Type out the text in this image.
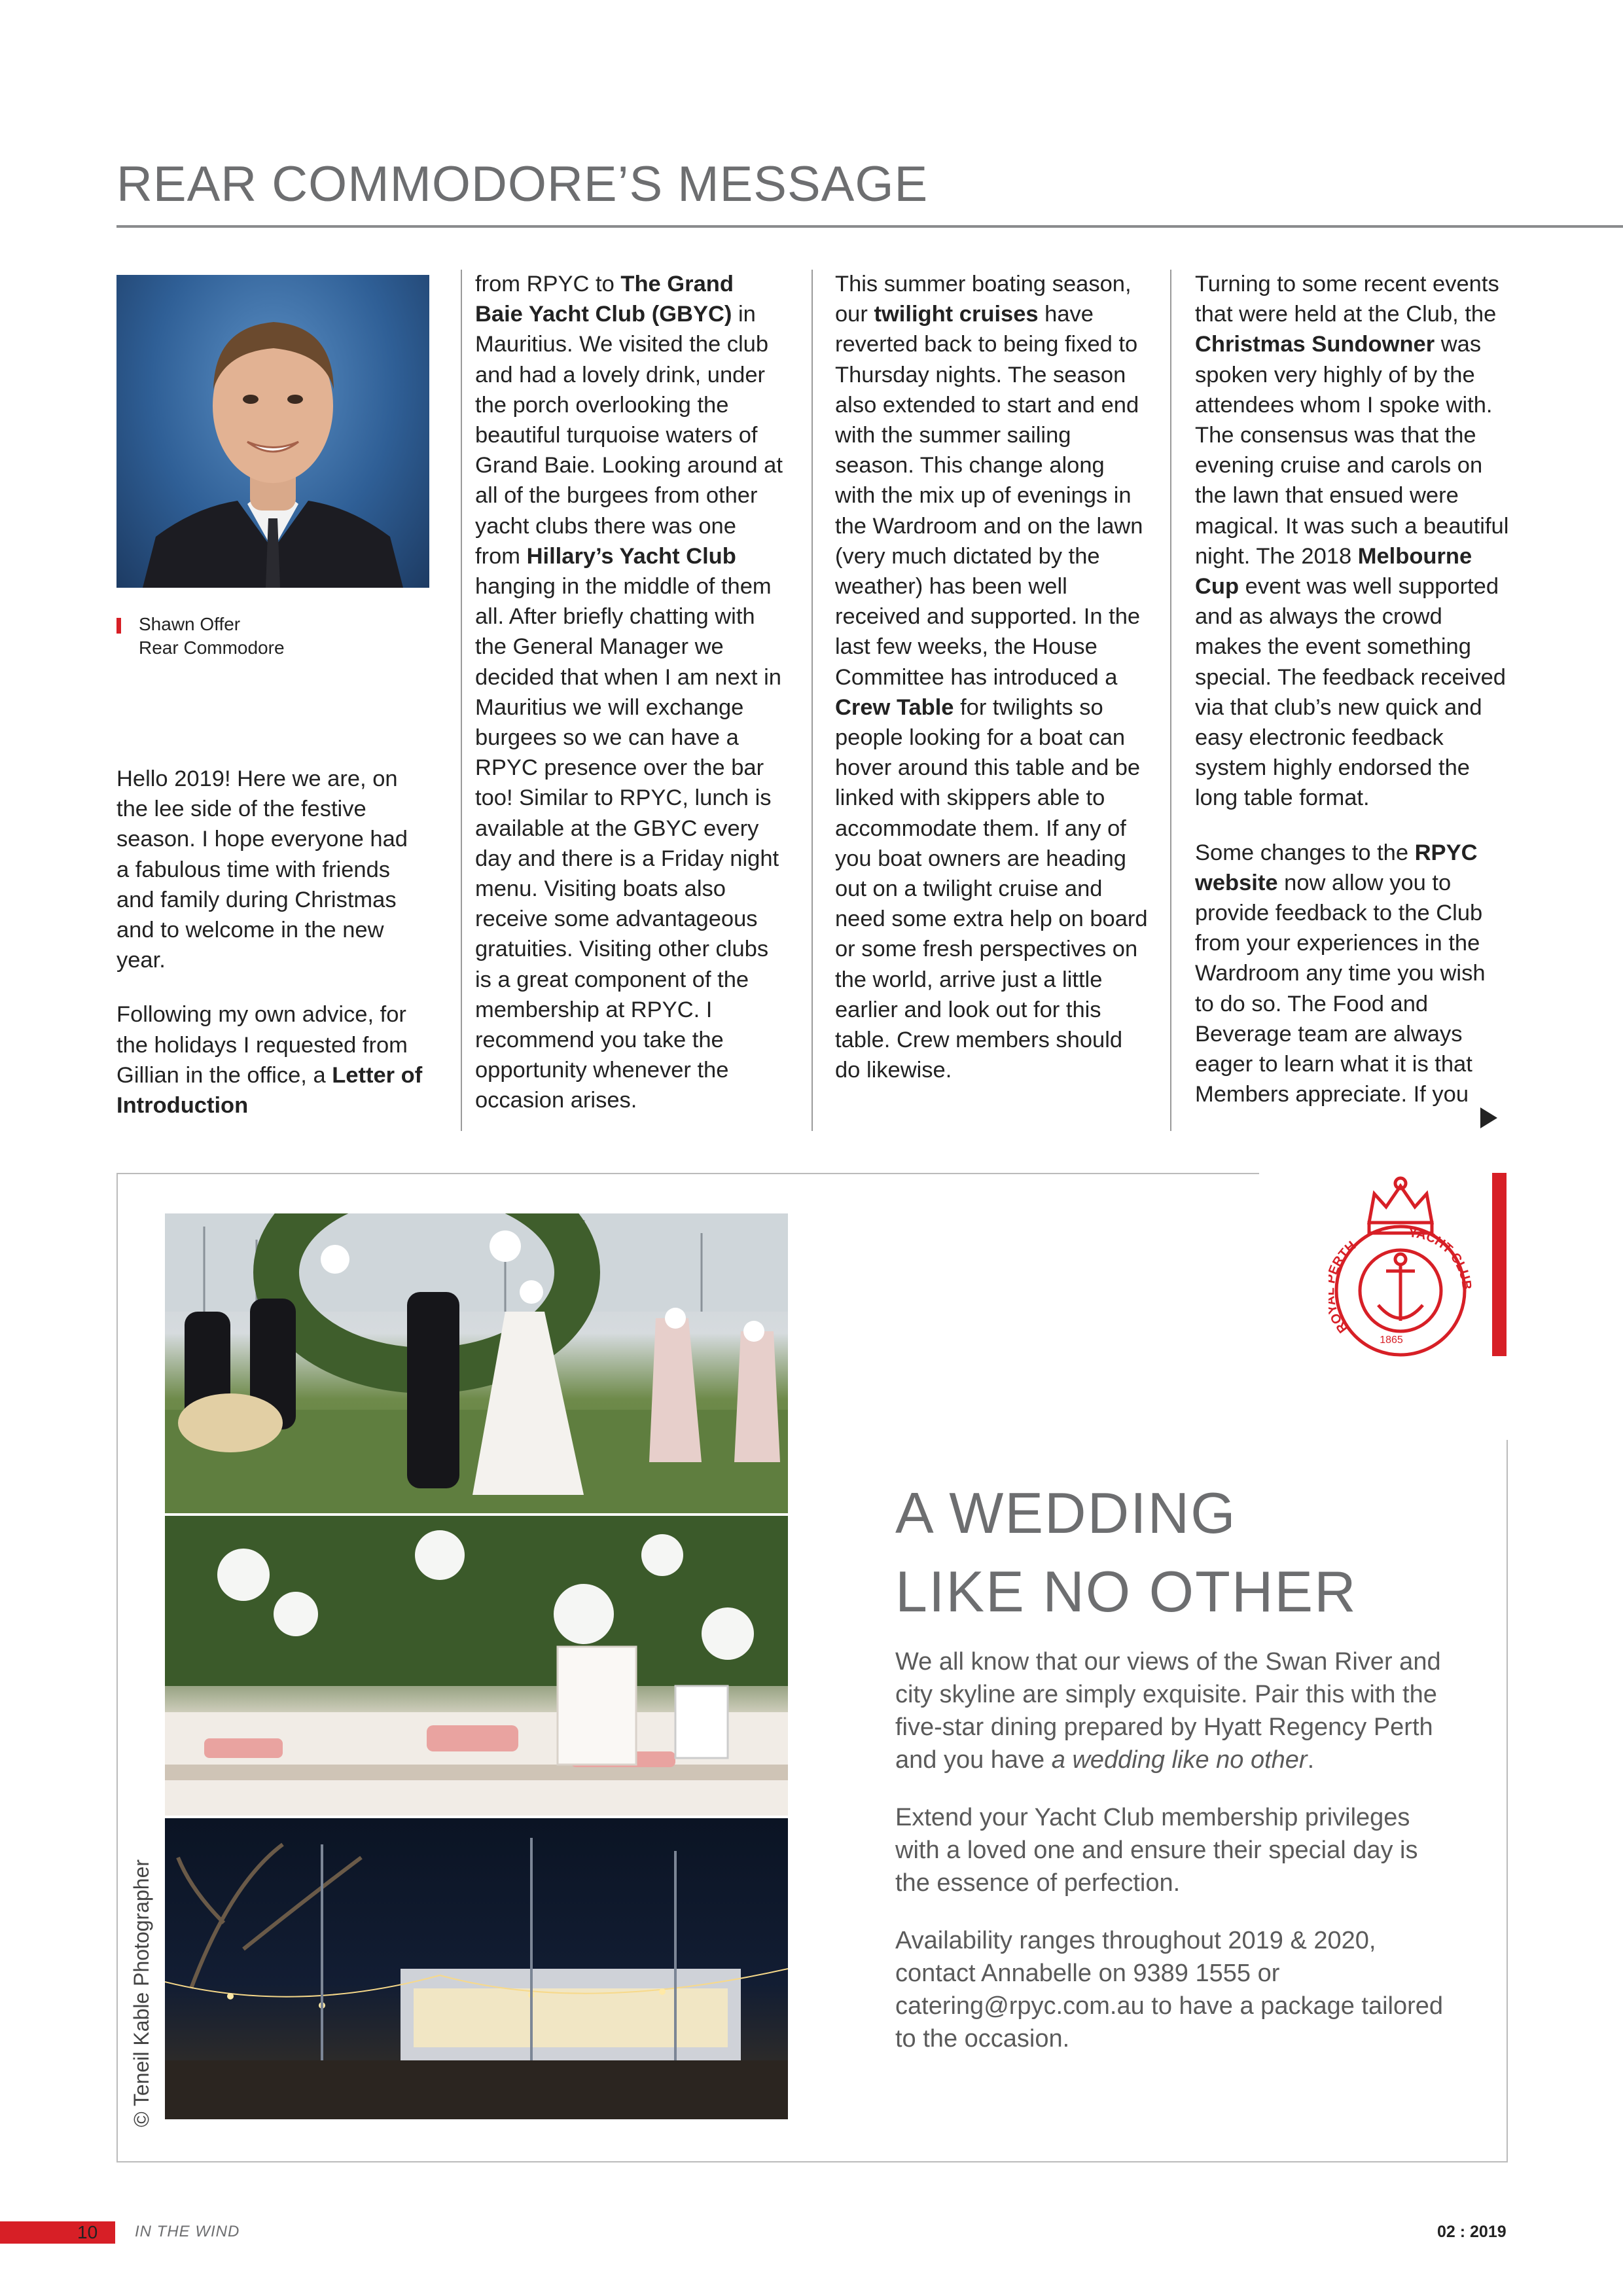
REAR COMMODORE’S MESSAGE
Shawn Offer
Rear Commodore

Hello 2019! Here we are, on the lee side of the festive season. I hope everyone had a fabulous time with friends and family during Christmas and to welcome in the new year.

Following my own advice, for the holidays I requested from Gillian in the office, a Letter of Introduction

from RPYC to The Grand Baie Yacht Club (GBYC) in Mauritius. We visited the club and had a lovely drink, under the porch overlooking the beautiful turquoise waters of Grand Baie. Looking around at all of the burgees from other yacht clubs there was one from Hillary’s Yacht Club hanging in the middle of them all. After briefly chatting with the General Manager we decided that when I am next in Mauritius we will exchange burgees so we can have a RPYC presence over the bar too! Similar to RPYC, lunch is available at the GBYC every day and there is a Friday night menu. Visiting boats also receive some advantageous gratuities. Visiting other clubs is a great component of the membership at RPYC. I recommend you take the opportunity whenever the occasion arises.

This summer boating season, our twilight cruises have reverted back to being fixed to Thursday nights. The season also extended to start and end with the summer sailing season. This change along with the mix up of evenings in the Wardroom and on the lawn (very much dictated by the weather) has been well received and supported. In the last few weeks, the House Committee has introduced a Crew Table for twilights so people looking for a boat can hover around this table and be linked with skippers able to accommodate them. If any of you boat owners are heading out on a twilight cruise and need some extra help on board or some fresh perspectives on the world, arrive just a little earlier and look out for this table. Crew members should do likewise.

Turning to some recent events that were held at the Club, the Christmas Sundowner was spoken very highly of by the attendees whom I spoke with. The consensus was that the evening cruise and carols on the lawn that ensued were magical. It was such a beautiful night. The 2018 Melbourne Cup event was well supported and as always the crowd makes the event something special. The feedback received via that club’s new quick and easy electronic feedback system highly endorsed the long table format.

Some changes to the RPYC website now allow you to provide feedback to the Club from your experiences in the Wardroom any time you wish to do so. The Food and Beverage team are always eager to learn what it is that Members appreciate. If you

RO RTH
YACHT CLUB
1865
© Teneil Kable Photographer
A WEDDING
LIKE NO OTHER

We all know that our views of the Swan River and city skyline are simply exquisite. Pair this with the five-star dining prepared by Hyatt Regency Perth and you have a wedding like no other.

Extend your Yacht Club membership privileges with a loved one and ensure their special day is the essence of perfection.

Availability ranges throughout 2019 & 2020, contact Annabelle on 9389 1555 or catering@rpyc.com.au to have a package tailored to the occasion.

10 IN THE WIND	02 : 2019
